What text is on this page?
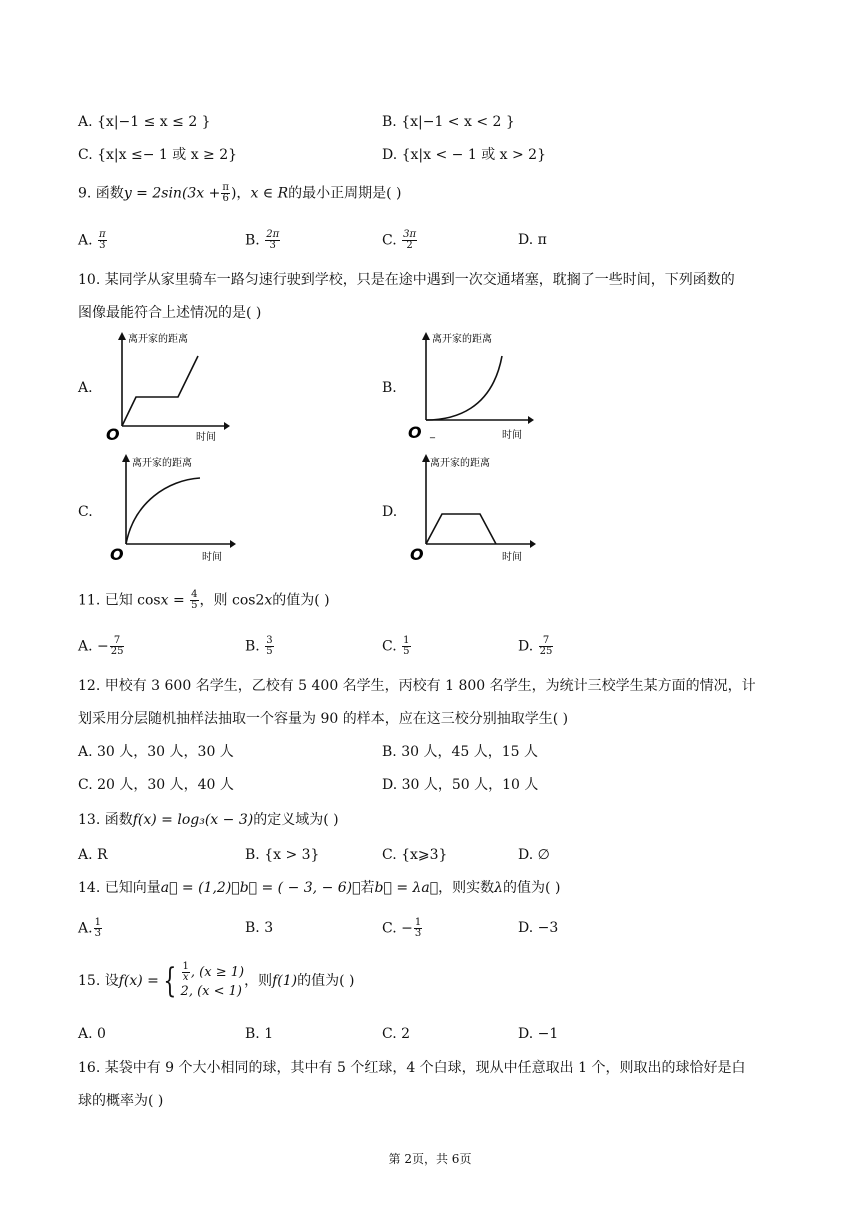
A. {x|−1 ≤ x ≤ 2 }	B. {x|−1 < x < 2 }
C. {x|x ≤− 1 或 x ≥ 2}	D. {x|x < − 1 或 x > 2}
9. 函数$y = 2\sin(3x + \frac{\pi}{6}$ )，x ∈ R的最小正周期是( )
A. $\frac{\pi}{3}$	B. $\frac{2\pi}{3}$	C. $\frac{3\pi}{2}$	D. π
10. 某同学从家里骑车一路匀速行驶到学校，只是在途中遇到一次交通堵塞，耽搁了一些时间，下列函数的
图像最能符合上述情况的是( )
A.	B.
C.	D.
离开家的距离
时间
O
离开家的距离
时间
O _
离开家的距离
时间
O
离开家的距离
时间
O
11. 已知 $\cos x = \frac{4}{5}$ ，则 cos2x的值为( )
A. − $\frac{7}{25}$	B. $\frac{3}{5}$	C. $\frac{1}{5}$	D. $\frac{7}{25}$
12. 甲校有 3 600 名学生，乙校有 5 400 名学生，丙校有 1 800 名学生，为统计三校学生某方面的情况，计
划采用分层随机抽样法抽取一个容量为 90 的样本，应在这三校分别抽取学生( )
A. 30 人，30 人，30 人	B. 30 人，45 人，15 人
C. 20 人，30 人，40 人	D. 30 人，50 人，10 人
13. 函数f(x) = log₃(x − 3)的定义域为( )
A. R	B. {x > 3}	C. {x⩾3}	D. ∅
14. 已知向量a⃗ = (1,2)，b⃗ = ( − 3, − 6)，若b⃗ = λa⃗，则实数λ的值为( )
A. $\frac{1}{3}$	B. 3	C. − $\frac{1}{3}$	D. −3
15. 设f(x) = { $\frac{1}{x}$ , (x ≥ 1)
2, (x < 1)
，则f(1)的值为( )
A. 0	B. 1	C. 2	D. −1
16. 某袋中有 9 个大小相同的球，其中有 5 个红球，4 个白球，现从中任意取出 1 个，则取出的球恰好是白
球的概率为( )
第 2页，共 6页
